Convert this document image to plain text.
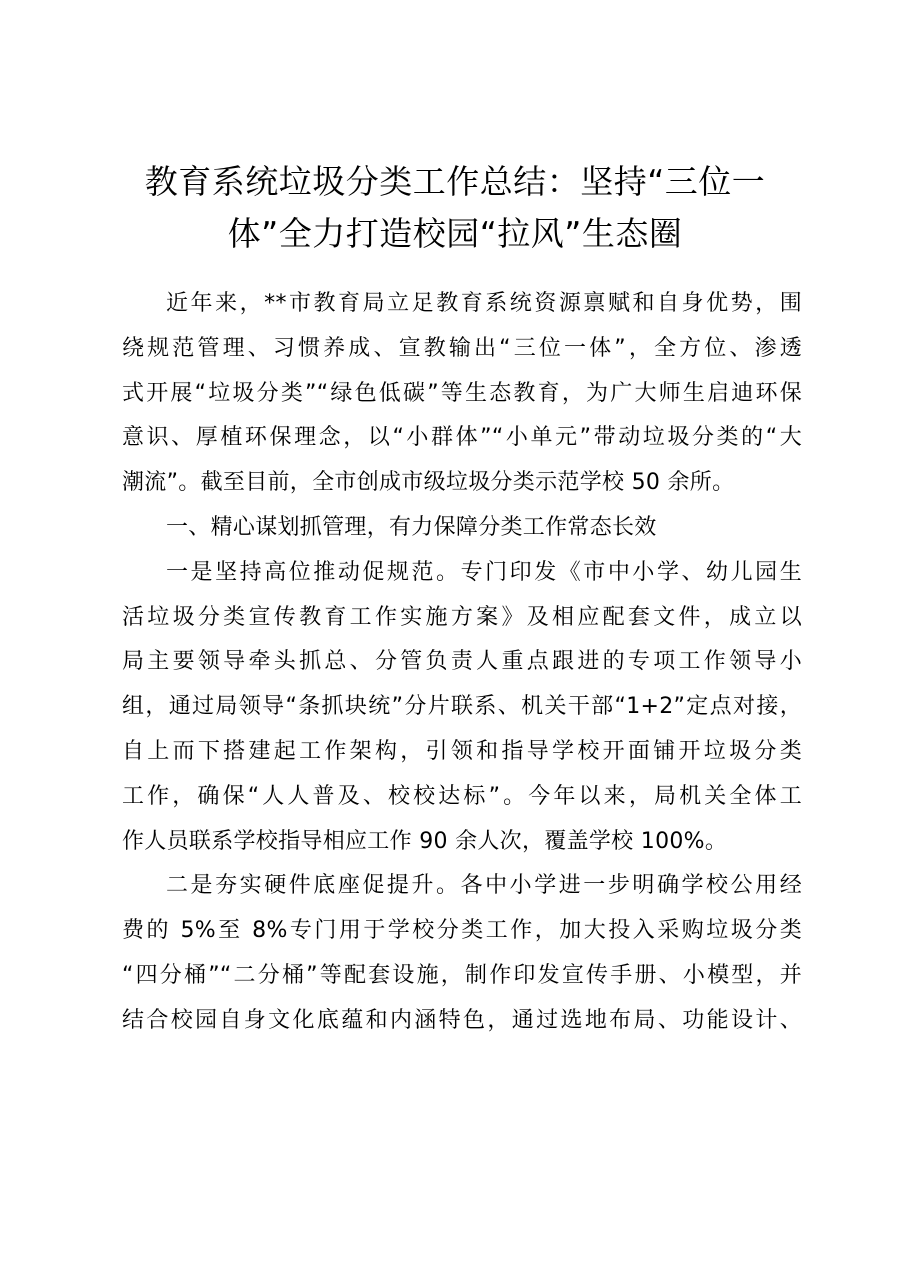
教育系统垃圾分类工作总结：坚持“三位一
体”全力打造校园“拉风”生态圈
近年来，**市教育局立足教育系统资源禀赋和自身优势，围
绕规范管理、习惯养成、宣教输出“三位一体”，全方位、渗透
式开展“垃圾分类”“绿色低碳”等生态教育，为广大师生启迪环保
意识、厚植环保理念，以“小群体”“小单元”带动垃圾分类的“大
潮流”。截至目前，全市创成市级垃圾分类示范学校 50 余所。
一、精心谋划抓管理，有力保障分类工作常态长效
一是坚持高位推动促规范。专门印发《市中小学、幼儿园生
活垃圾分类宣传教育工作实施方案》及相应配套文件，成立以
局主要领导牵头抓总、分管负责人重点跟进的专项工作领导小
组，通过局领导“条抓块统”分片联系、机关干部“1+2”定点对接，
自上而下搭建起工作架构，引领和指导学校开面铺开垃圾分类
工作，确保“人人普及、校校达标”。今年以来，局机关全体工
作人员联系学校指导相应工作 90 余人次，覆盖学校 100%。
二是夯实硬件底座促提升。各中小学进一步明确学校公用经
费的 5%至 8%专门用于学校分类工作，加大投入采购垃圾分类
“四分桶”“二分桶”等配套设施，制作印发宣传手册、小模型，并
结合校园自身文化底蕴和内涵特色，通过选地布局、功能设计、
